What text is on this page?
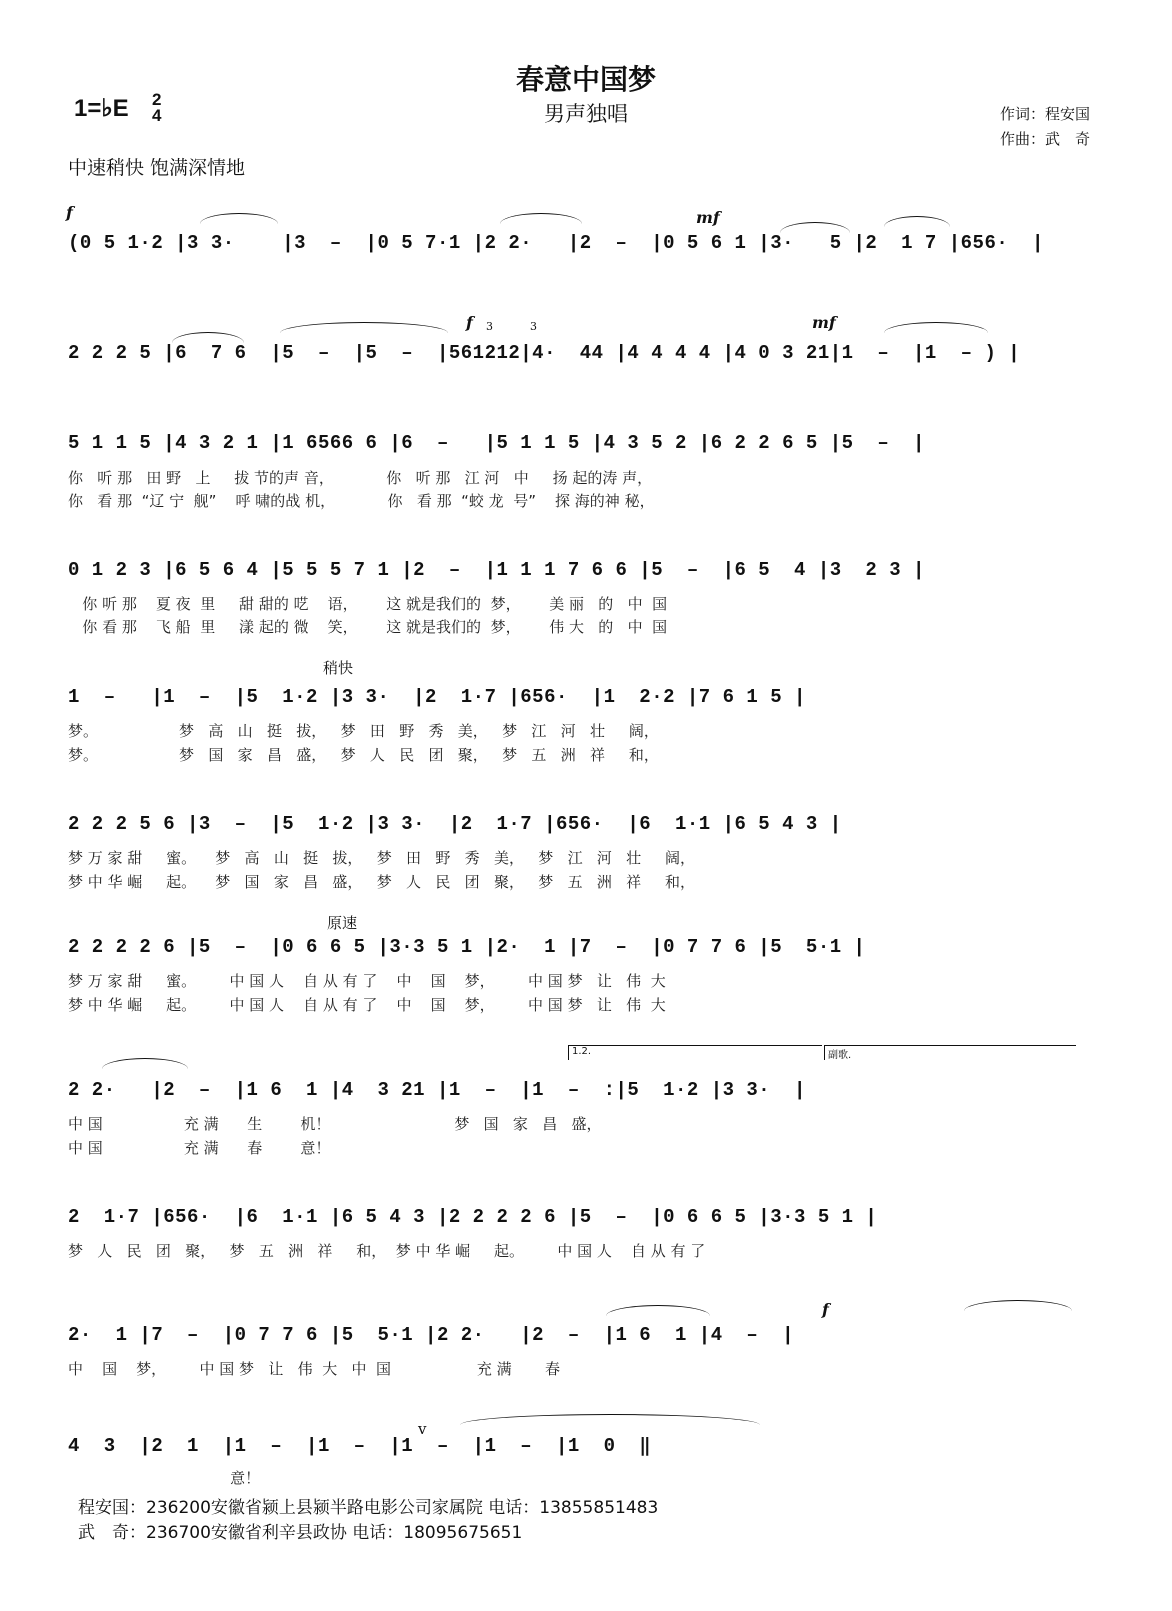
春意中国梦
男声独唱
1=♭E 2
4	作词：程安国
作曲：武　奇
中速稍快 饱满深情地
f	mf
f	mf
3	3
稍快
原速
1.2.	副歌.
f
v
(0 5 1·2 |3 3·    |3  –  |0 5 7·1 |2 2·   |2  –  |0 5 6 1 |3·   5 |2  1 7 |656·  |
2 2 2 5 |6  7 6  |5  –  |5  –  |561212|4·  44 |4 4 4 4 |4 0 3 21|1  –  |1  – ) |
5 1 1 5 |4 3 2 1 |1 6566 6 |6  –   |5 1 1 5 |4 3 5 2 |6 2 2 6 5 |5  –  |
你   听 那   田 野   上     拔 节的声 音，           你   听 那   江 河   中     扬 起的涛 声，
你   看 那  “辽 宁  舰”    呼 啸的战 机，           你   看 那  “蛟 龙  号”    探 海的神 秘，
0 1 2 3 |6 5 6 4 |5 5 5 7 1 |2  –  |1 1 1 7 6 6 |5  –  |6 5  4 |3  2 3 |
你 听 那    夏 夜  里     甜 甜的 呓    语，      这 就是我们的  梦，      美 丽   的   中  国
你 看 那    飞 船  里     漾 起的 微    笑，      这 就是我们的  梦，      伟 大   的   中  国
1  –   |1  –  |5  1·2 |3 3·  |2  1·7 |656·  |1  2·2 |7 6 1 5 |
梦。                 梦   高   山   挺   拔，   梦   田   野   秀   美，   梦   江   河   壮     阔，
梦。                 梦   国   家   昌   盛，   梦   人   民   团   聚，   梦   五   洲   祥     和，
2 2 2 5 6 |3  –  |5  1·2 |3 3·  |2  1·7 |656·  |6  1·1 |6 5 4 3 |
梦 万 家 甜     蜜。    梦   高   山   挺   拔，   梦   田   野   秀   美，   梦   江   河   壮     阔，
梦 中 华 崛     起。    梦   国   家   昌   盛，   梦   人   民   团   聚，   梦   五   洲   祥     和，
2 2 2 2 6 |5  –  |0 6 6 5 |3·3 5 1 |2·  1 |7  –  |0 7 7 6 |5  5·1 |
梦 万 家 甜     蜜。       中 国 人    自 从 有 了    中    国    梦，       中 国 梦   让   伟  大
梦 中 华 崛     起。       中 国 人    自 从 有 了    中    国    梦，       中 国 梦   让   伟  大
2 2·   |2  –  |1 6  1 |4  3 21 |1  –  |1  –  :|5  1·2 |3 3·  |
中 国                 充 满      生        机！                          梦   国   家   昌   盛，
中 国                 充 满      春        意！
2  1·7 |656·  |6  1·1 |6 5 4 3 |2 2 2 2 6 |5  –  |0 6 6 5 |3·3 5 1 |
梦   人   民   团   聚，   梦   五   洲   祥     和，  梦 中 华 崛     起。       中 国 人    自 从 有 了
2·  1 |7  –  |0 7 7 6 |5  5·1 |2 2·   |2  –  |1 6  1 |4  –  |
中    国    梦，       中 国 梦   让   伟  大   中  国                  充 满       春
4  3  |2  1  |1  –  |1  –  |1  –  |1  –  |1  0  ‖
意！
程安国：236200安徽省颍上县颍半路电影公司家属院 电话：13855851483
武　奇：236700安徽省利辛县政协 电话：18095675651
